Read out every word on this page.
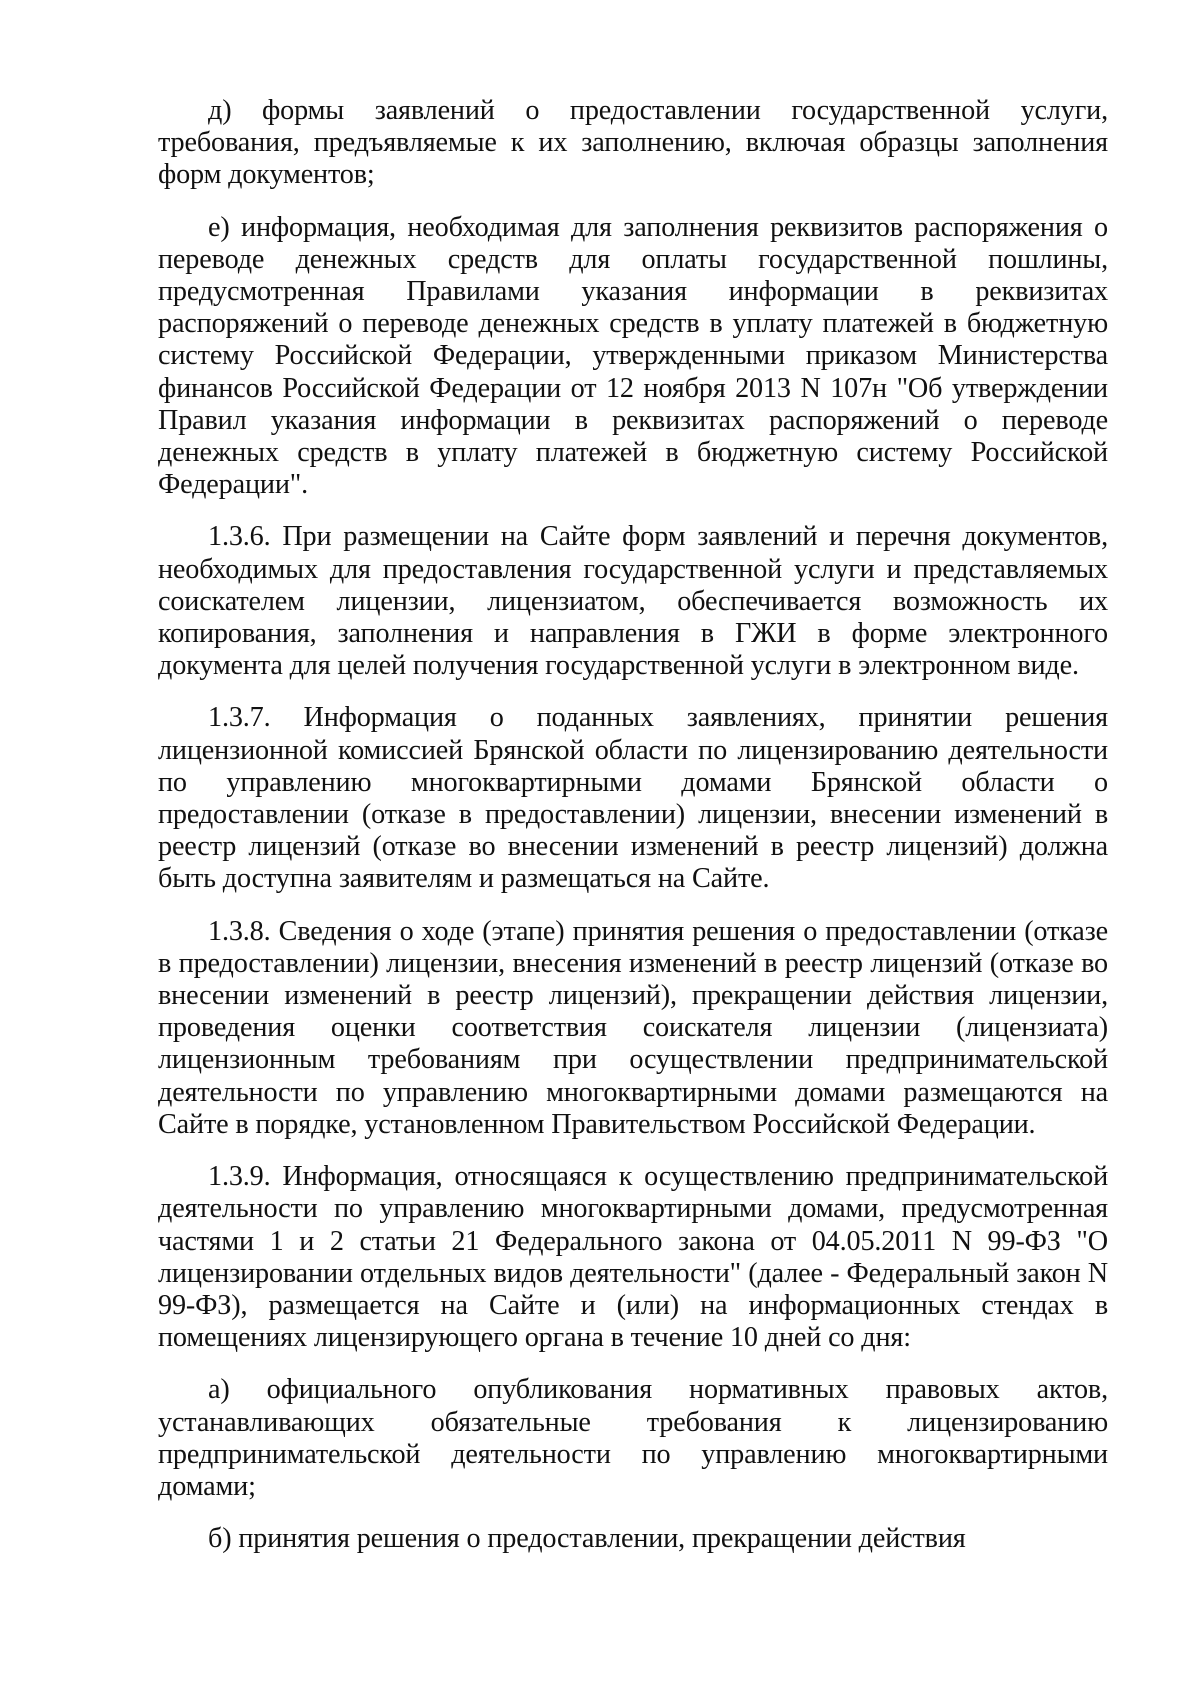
д) формы заявлений о предоставлении государственной услуги, требования, предъявляемые к их заполнению, включая образцы заполнения форм документов;

е) информация, необходимая для заполнения реквизитов распоряжения о переводе денежных средств для оплаты государственной пошлины, предусмотренная Правилами указания информации в реквизитах распоряжений о переводе денежных средств в уплату платежей в бюджетную систему Российской Федерации, утвержденными приказом Министерства финансов Российской Федерации от 12 ноября 2013 N 107н "Об утверждении Правил указания информации в реквизитах распоряжений о переводе денежных средств в уплату платежей в бюджетную систему Российской Федерации".

1.3.6. При размещении на Сайте форм заявлений и перечня документов, необходимых для предоставления государственной услуги и представляемых соискателем лицензии, лицензиатом, обеспечивается возможность их копирования, заполнения и направления в ГЖИ в форме электронного документа для целей получения государственной услуги в электронном виде.

1.3.7. Информация о поданных заявлениях, принятии решения лицензионной комиссией Брянской области по лицензированию деятельности по управлению многоквартирными домами Брянской области о предоставлении (отказе в предоставлении) лицензии, внесении изменений в реестр лицензий (отказе во внесении изменений в реестр лицензий) должна быть доступна заявителям и размещаться на Сайте.

1.3.8. Сведения о ходе (этапе) принятия решения о предоставлении (отказе в предоставлении) лицензии, внесения изменений в реестр лицензий (отказе во внесении изменений в реестр лицензий), прекращении действия лицензии, проведения оценки соответствия соискателя лицензии (лицензиата) лицензионным требованиям при осуществлении предпринимательской деятельности по управлению многоквартирными домами размещаются на Сайте в порядке, установленном Правительством Российской Федерации.

1.3.9. Информация, относящаяся к осуществлению предпринимательской деятельности по управлению многоквартирными домами, предусмотренная частями 1 и 2 статьи 21 Федерального закона от 04.05.2011 N 99-ФЗ "О лицензировании отдельных видов деятельности" (далее - Федеральный закон N 99-ФЗ), размещается на Сайте и (или) на информационных стендах в помещениях лицензирующего органа в течение 10 дней со дня:

а) официального опубликования нормативных правовых актов, устанавливающих обязательные требования к лицензированию предпринимательской деятельности по управлению многоквартирными домами;

б) принятия решения о предоставлении, прекращении действия
